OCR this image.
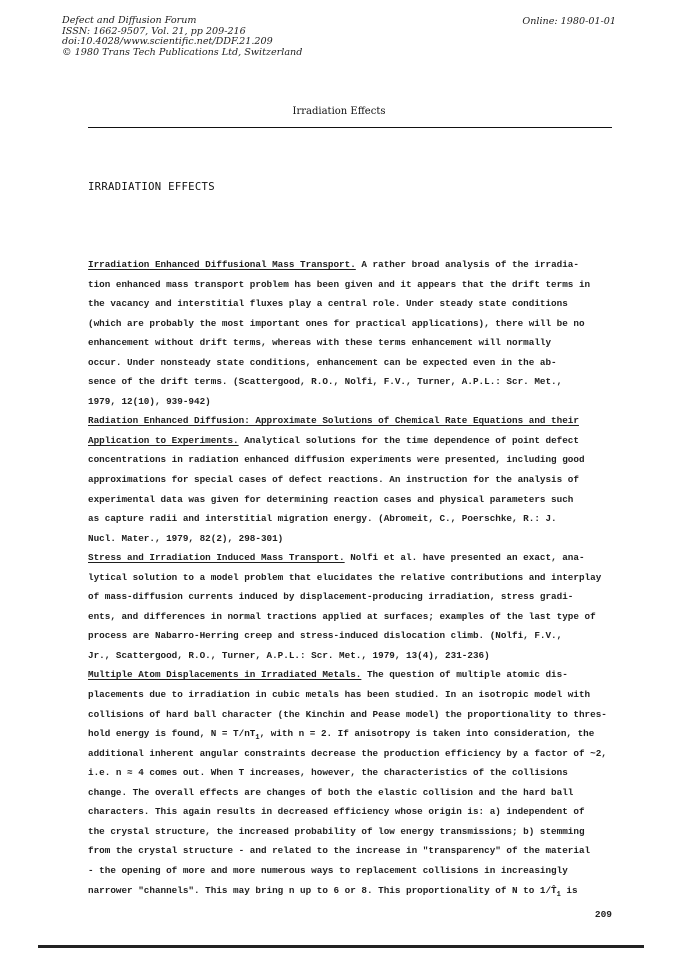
Defect and Diffusion Forum
ISSN: 1662-9507, Vol. 21, pp 209-216
doi:10.4028/www.scientific.net/DDF.21.209
© 1980 Trans Tech Publications Ltd, Switzerland
Online: 1980-01-01
Irradiation Effects
IRRADIATION EFFECTS
Irradiation Enhanced Diffusional Mass Transport. A rather broad analysis of the irradia-
tion enhanced mass transport problem has been given and it appears that the drift terms in
the vacancy and interstitial fluxes play a central role. Under steady state conditions
(which are probably the most important ones for practical applications), there will be no
enhancement without drift terms, whereas with these terms enhancement will normally
occur. Under nonsteady state conditions, enhancement can be expected even in the ab-
sence of the drift terms. (Scattergood, R.O., Nolfi, F.V., Turner, A.P.L.: Scr. Met.,
1979, 12(10), 939-942)
Radiation Enhanced Diffusion: Approximate Solutions of Chemical Rate Equations and their
Application to Experiments. Analytical solutions for the time dependence of point defect
concentrations in radiation enhanced diffusion experiments were presented, including good
approximations for special cases of defect reactions. An instruction for the analysis of
experimental data was given for determining reaction cases and physical parameters such
as capture radii and interstitial migration energy. (Abromeit, C., Poerschke, R.: J.
Nucl. Mater., 1979, 82(2), 298-301)
Stress and Irradiation Induced Mass Transport. Nolfi et al. have presented an exact, ana-
lytical solution to a model problem that elucidates the relative contributions and interplay
of mass-diffusion currents induced by displacement-producing irradiation, stress gradi-
ents, and differences in normal tractions applied at surfaces; examples of the last type of
process are Nabarro-Herring creep and stress-induced dislocation climb. (Nolfi, F.V.,
Jr., Scattergood, R.O., Turner, A.P.L.: Scr. Met., 1979, 13(4), 231-236)
Multiple Atom Displacements in Irradiated Metals. The question of multiple atomic dis-
placements due to irradiation in cubic metals has been studied. In an isotropic model with
collisions of hard ball character (the Kinchin and Pease model) the proportionality to thres-
hold energy is found, $N = T/nT_1$, with n = 2. If anisotropy is taken into consideration, the
additional inherent angular constraints decrease the production efficiency by a factor of ~2,
i.e. n ≈ 4 comes out. When T increases, however, the characteristics of the collisions
change. The overall effects are changes of both the elastic collision and the hard ball
characters. This again results in decreased efficiency whose origin is: a) independent of
the crystal structure, the increased probability of low energy transmissions; b) stemming
from the crystal structure - and related to the increase in "transparency" of the material
- the opening of more and more numerous ways to replacement collisions in increasingly
narrower "channels". This may bring n up to 6 or 8. This proportionality of N to $1/T̂_1$ is
209
